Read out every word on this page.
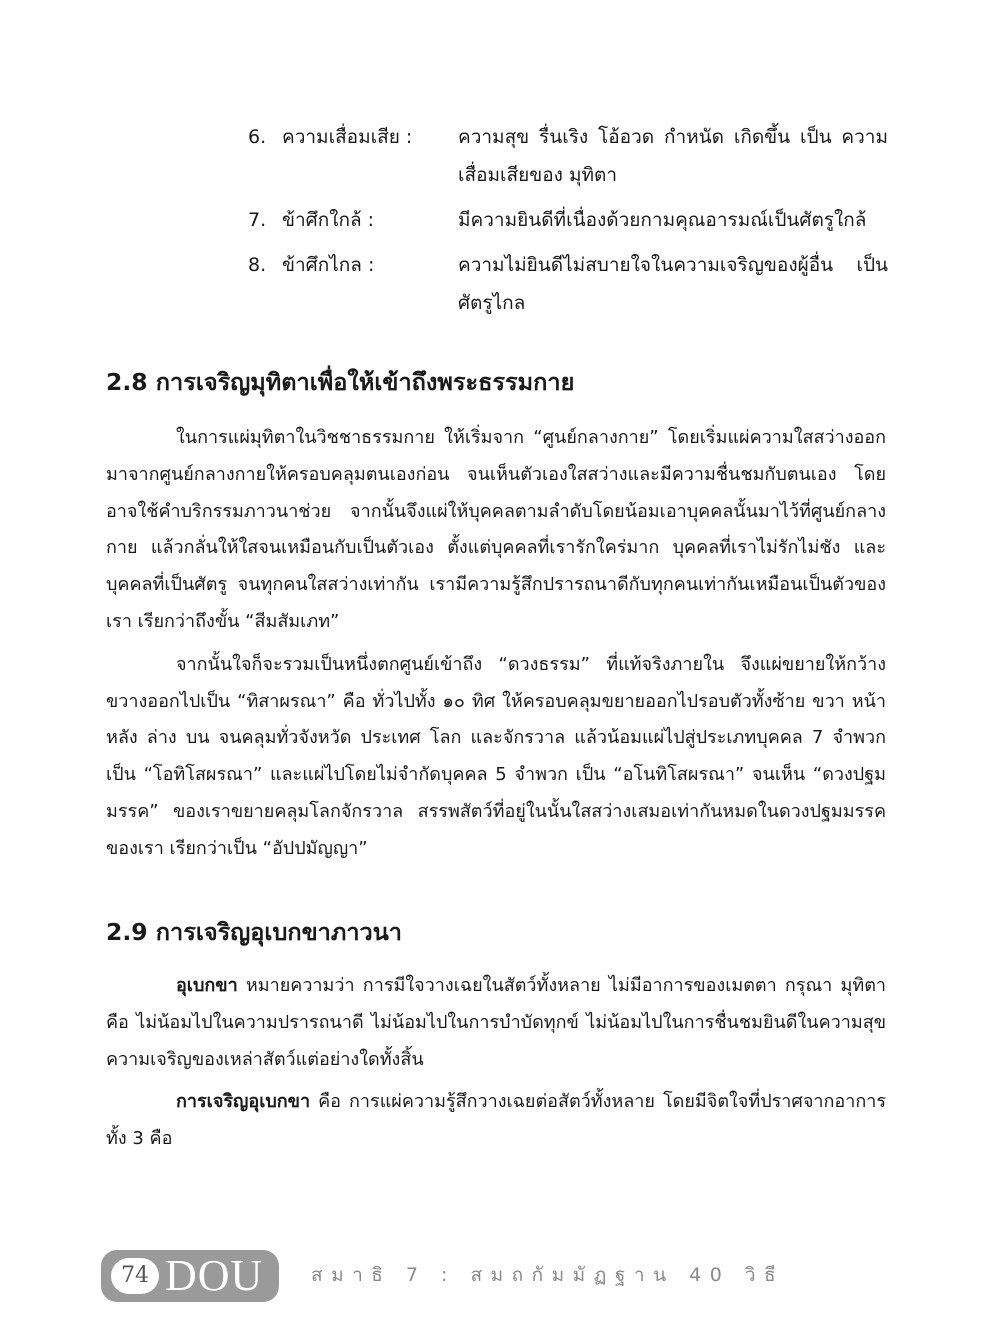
6. ความเสื่อมเสีย :	ความสุข รื่นเริง โอ้อวด กำหนัด เกิดขึ้น เป็น ความเสื่อมเสียของ มุทิตา
7. ข้าศึกใกล้ :	มีความยินดีที่เนื่องด้วยกามคุณอารมณ์เป็นศัตรูใกล้
8. ข้าศึกไกล :	ความไม่ยินดีไม่สบายใจในความเจริญของผู้อื่น เป็น ศัตรูไกล
2.8 การเจริญมุทิตาเพื่อให้เข้าถึงพระธรรมกาย

ในการแผ่มุทิตาในวิชชาธรรมกาย ให้เริ่มจาก “ศูนย์กลางกาย” โดยเริ่มแผ่ความใสสว่างออกมาจากศูนย์กลางกายให้ครอบคลุมตนเองก่อน จนเห็นตัวเองใสสว่างและมีความชื่นชมกับตนเอง โดยอาจใช้คำบริกรรมภาวนาช่วย จากนั้นจึงแผ่ให้บุคคลตามลำดับโดยน้อมเอาบุคคลนั้นมาไว้ที่ศูนย์กลางกาย แล้วกลั่นให้ใสจนเหมือนกับเป็นตัวเอง ตั้งแต่บุคคลที่เรารักใคร่มาก บุคคลที่เราไม่รักไม่ชัง และบุคคลที่เป็นศัตรู จนทุกคนใสสว่างเท่ากัน เรามีความรู้สึกปรารถนาดีกับทุกคนเท่ากันเหมือนเป็นตัวของเรา เรียกว่าถึงขั้น “สีมสัมเภท”

จากนั้นใจก็จะรวมเป็นหนึ่งตกศูนย์เข้าถึง “ดวงธรรม” ที่แท้จริงภายใน จึงแผ่ขยายให้กว้างขวางออกไปเป็น “ทิสาผรณา” คือ ทั่วไปทั้ง ๑๐ ทิศ ให้ครอบคลุมขยายออกไปรอบตัวทั้งซ้าย ขวา หน้า หลัง ล่าง บน จนคลุมทั่วจังหวัด ประเทศ โลก และจักรวาล แล้วน้อมแผ่ไปสู่ประเภทบุคคล 7 จำพวก เป็น “โอทิโสผรณา” และแผ่ไปโดยไม่จำกัดบุคคล 5 จำพวก เป็น “อโนทิโสผรณา” จนเห็น “ดวงปฐมมรรค” ของเราขยายคลุมโลกจักรวาล สรรพสัตว์ที่อยู่ในนั้นใสสว่างเสมอเท่ากันหมดในดวงปฐมมรรคของเรา เรียกว่าเป็น “อัปปมัญญา”

2.9 การเจริญอุเบกขาภาวนา

อุเบกขา หมายความว่า การมีใจวางเฉยในสัตว์ทั้งหลาย ไม่มีอาการของเมตตา กรุณา มุทิตา คือ ไม่น้อมไปในความปรารถนาดี ไม่น้อมไปในการบำบัดทุกข์ ไม่น้อมไปในการชื่นชมยินดีในความสุขความเจริญของเหล่าสัตว์แต่อย่างใดทั้งสิ้น

การเจริญอุเบกขา คือ การแผ่ความรู้สึกวางเฉยต่อสัตว์ทั้งหลาย โดยมีจิตใจที่ปราศจากอาการทั้ง 3 คือ

74 DOU	สมาธิ 7 : สมถกัมมัฏฐาน 40 วิธี
